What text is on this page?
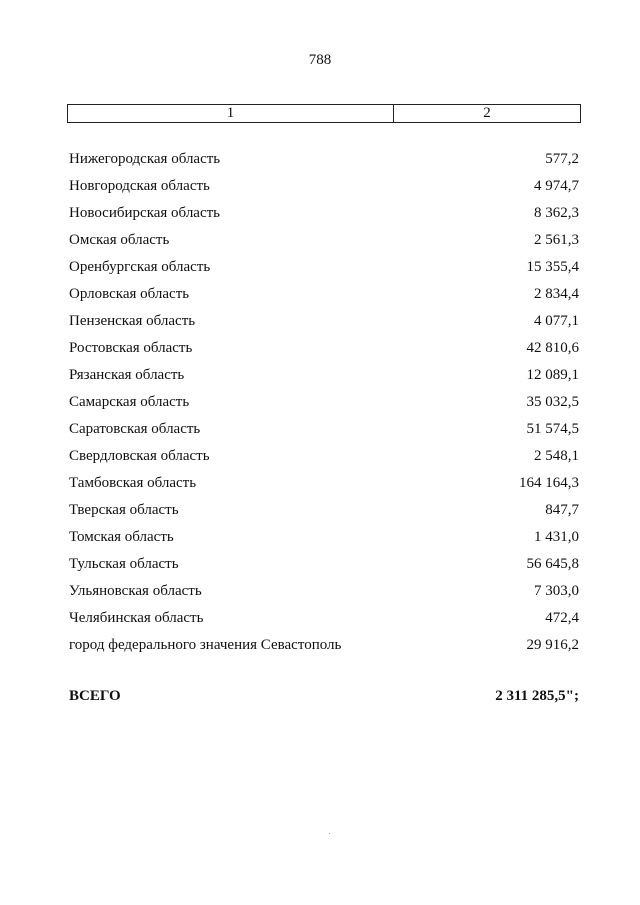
788
1	2
Нижегородская область	577,2
Новгородская область	4 974,7
Новосибирская область	8 362,3
Омская область	2 561,3
Оренбургская область	15 355,4
Орловская область	2 834,4
Пензенская область	4 077,1
Ростовская область	42 810,6
Рязанская область	12 089,1
Самарская область	35 032,5
Саратовская область	51 574,5
Свердловская область	2 548,1
Тамбовская область	164 164,3
Тверская область	847,7
Томская область	1 431,0
Тульская область	56 645,8
Ульяновская область	7 303,0
Челябинская область	472,4
город федерального значения Севастополь	29 916,2
ВСЕГО	2 311 285,5";
